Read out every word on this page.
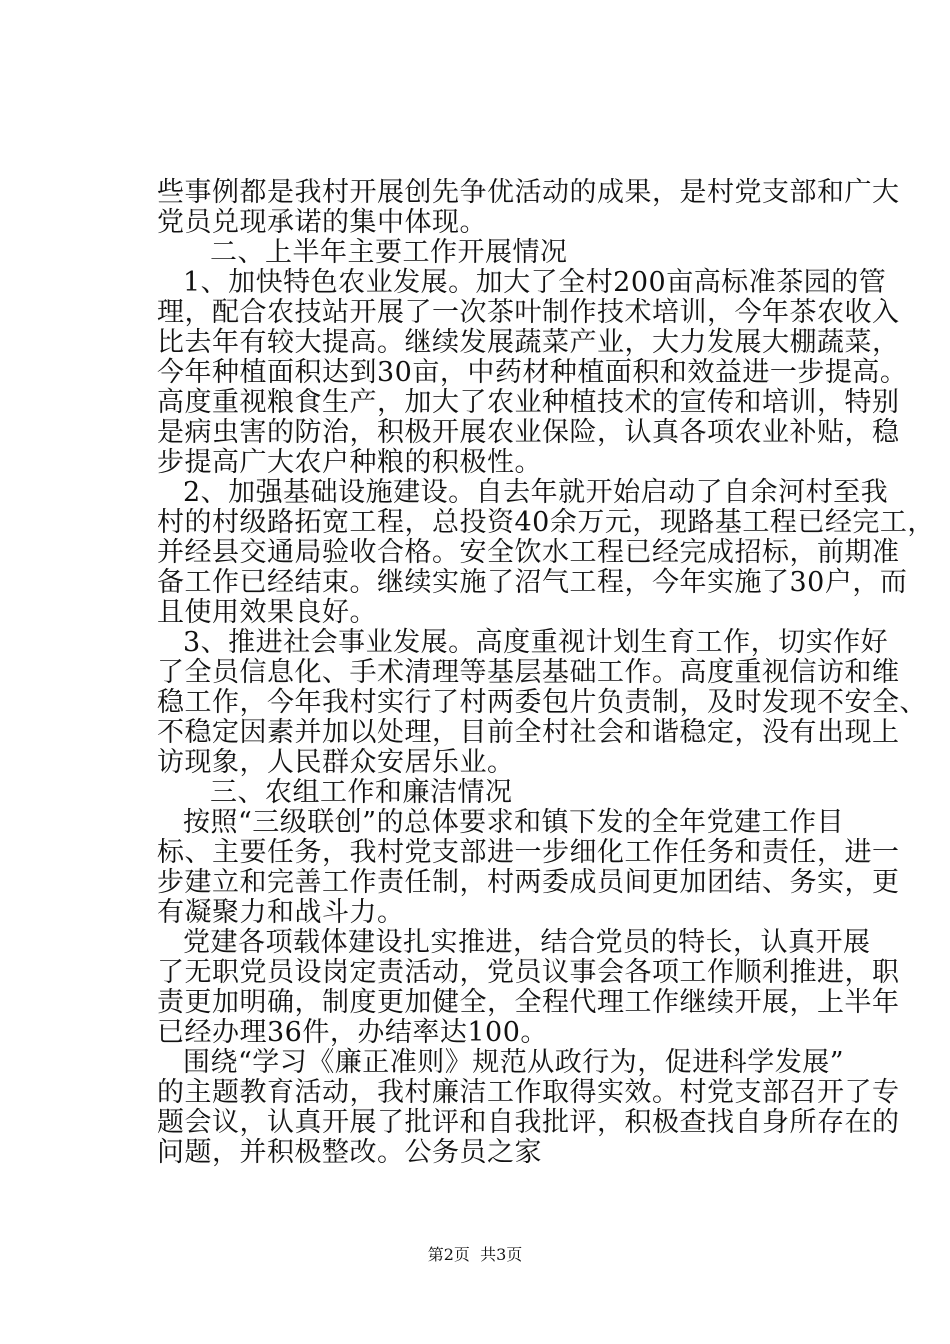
些事例都是我村开展创先争优活动的成果，是村党支部和广大
党员兑现承诺的集中体现。
二、上半年主要工作开展情况
1、加快特色农业发展。加大了全村200亩高标准茶园的管
理，配合农技站开展了一次茶叶制作技术培训，今年茶农收入
比去年有较大提高。继续发展蔬菜产业，大力发展大棚蔬菜，
今年种植面积达到30亩，中药材种植面积和效益进一步提高。
高度重视粮食生产，加大了农业种植技术的宣传和培训，特别
是病虫害的防治，积极开展农业保险，认真各项农业补贴，稳
步提高广大农户种粮的积极性。
2、加强基础设施建设。自去年就开始启动了自余河村至我
村的村级路拓宽工程，总投资40余万元，现路基工程已经完工，
并经县交通局验收合格。安全饮水工程已经完成招标，前期准
备工作已经结束。继续实施了沼气工程，今年实施了30户，而
且使用效果良好。
3、推进社会事业发展。高度重视计划生育工作，切实作好
了全员信息化、手术清理等基层基础工作。高度重视信访和维
稳工作，今年我村实行了村两委包片负责制，及时发现不安全、
不稳定因素并加以处理，目前全村社会和谐稳定，没有出现上
访现象，人民群众安居乐业。
三、农组工作和廉洁情况
按照“三级联创”的总体要求和镇下发的全年党建工作目
标、主要任务，我村党支部进一步细化工作任务和责任，进一
步建立和完善工作责任制，村两委成员间更加团结、务实，更
有凝聚力和战斗力。
党建各项载体建设扎实推进，结合党员的特长，认真开展
了无职党员设岗定责活动，党员议事会各项工作顺利推进，职
责更加明确，制度更加健全，全程代理工作继续开展，上半年
已经办理36件，办结率达100。
围绕“学习《廉正准则》规范从政行为，促进科学发展”
的主题教育活动，我村廉洁工作取得实效。村党支部召开了专
题会议，认真开展了批评和自我批评，积极查找自身所存在的
问题，并积极整改。公务员之家
第2页  共3页
